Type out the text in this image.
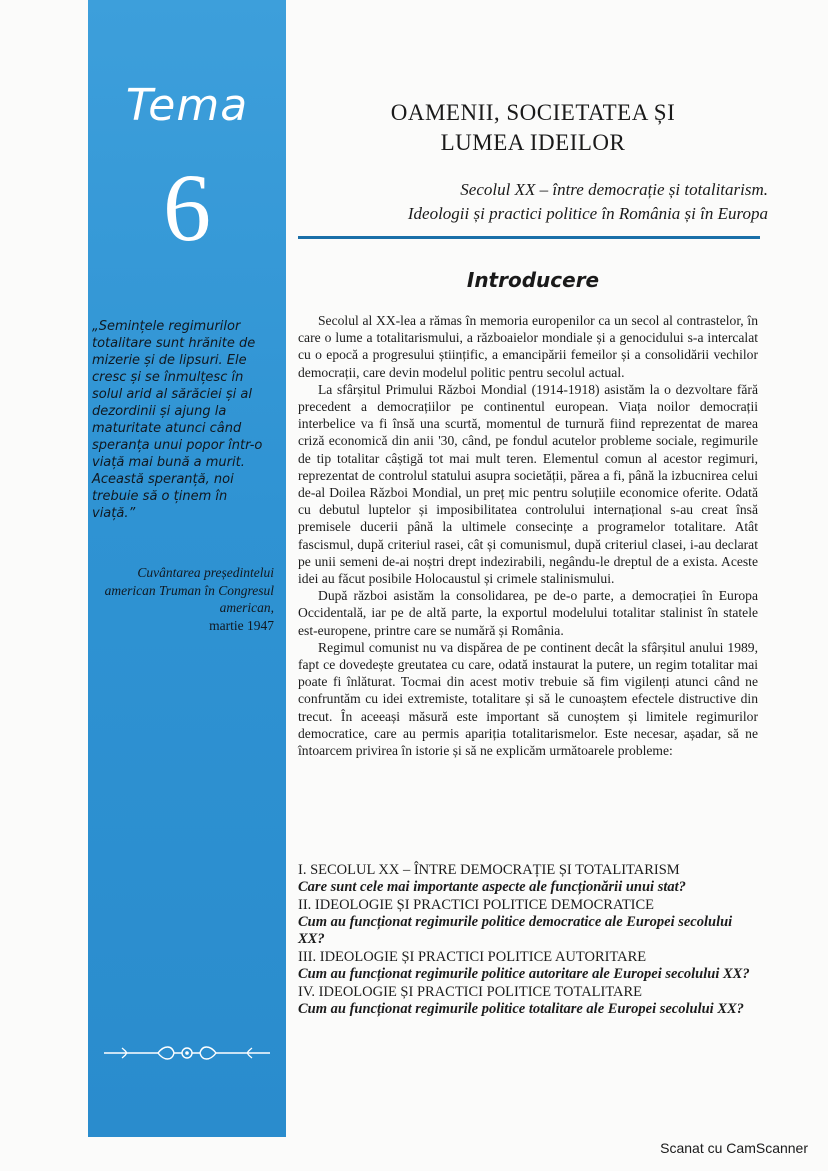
Tema
6
„Semințele regimurilor totalitare sunt hrănite de mizerie și de lipsuri. Ele cresc și se înmulțesc în solul arid al sărăciei și al dezordinii și ajung la maturitate atunci când speranța unui popor într-o viață mai bună a murit. Această speranță, noi trebuie să o ținem în viață.”
Cuvântarea președintelui american Truman în Congresul american,
martie 1947
OAMENII, SOCIETATEA ȘI
LUMEA IDEILOR
Secolul XX – între democrație și totalitarism.
Ideologii și practici politice în România și în Europa
Introducere

Secolul al XX-lea a rămas în memoria europenilor ca un secol al contrastelor, în care o lume a totalitarismului, a războaielor mondiale și a genocidului s-a intercalat cu o epocă a progresului științific, a emancipării femeilor și a consolidării vechilor democrații, care devin modelul politic pentru secolul actual.

La sfârșitul Primului Război Mondial (1914-1918) asistăm la o dezvoltare fără precedent a democrațiilor pe continentul european. Viața noilor democrații interbelice va fi însă una scurtă, momentul de turnură fiind reprezentat de marea criză economică din anii '30, când, pe fondul acutelor probleme sociale, regimurile de tip totalitar câștigă tot mai mult teren. Elementul comun al acestor regimuri, reprezentat de controlul statului asupra societății, părea a fi, până la izbucnirea celui de-al Doilea Război Mondial, un preț mic pentru soluțiile economice oferite. Odată cu debutul luptelor și imposibilitatea controlului internațional s-au creat însă premisele ducerii până la ultimele consecințe a programelor totalitare. Atât fascismul, după criteriul rasei, cât și comunismul, după criteriul clasei, i-au declarat pe unii semeni de-ai noștri drept indezirabili, negându-le dreptul de a exista. Aceste idei au făcut posibile Holocaustul și crimele stalinismului.

După război asistăm la consolidarea, pe de-o parte, a democrației în Europa Occidentală, iar pe de altă parte, la exportul modelului totalitar stalinist în statele est-europene, printre care se numără și România.

Regimul comunist nu va dispărea de pe continent decât la sfârșitul anului 1989, fapt ce dovedește greutatea cu care, odată instaurat la putere, un regim totalitar mai poate fi înlăturat. Tocmai din acest motiv trebuie să fim vigilenți atunci când ne confruntăm cu idei extremiste, totalitare și să le cunoaștem efectele distructive din trecut. În aceeași măsură este important să cunoștem și limitele regimurilor democratice, care au permis apariția totalitarismelor. Este necesar, așadar, să ne întoarcem privirea în istorie și să ne explicăm următoarele probleme:

I. SECOLUL XX – ÎNTRE DEMOCRAȚIE ȘI TOTALITARISM
Care sunt cele mai importante aspecte ale funcționării unui stat?
II. IDEOLOGIE ȘI PRACTICI POLITICE DEMOCRATICE
Cum au funcționat regimurile politice democratice ale Europei secolului XX?
III. IDEOLOGIE ȘI PRACTICI POLITICE AUTORITARE
Cum au funcționat regimurile politice autoritare ale Europei secolului XX?
IV. IDEOLOGIE ȘI PRACTICI POLITICE TOTALITARE
Cum au funcționat regimurile politice totalitare ale Europei secolului XX?
Scanat cu CamScanner
